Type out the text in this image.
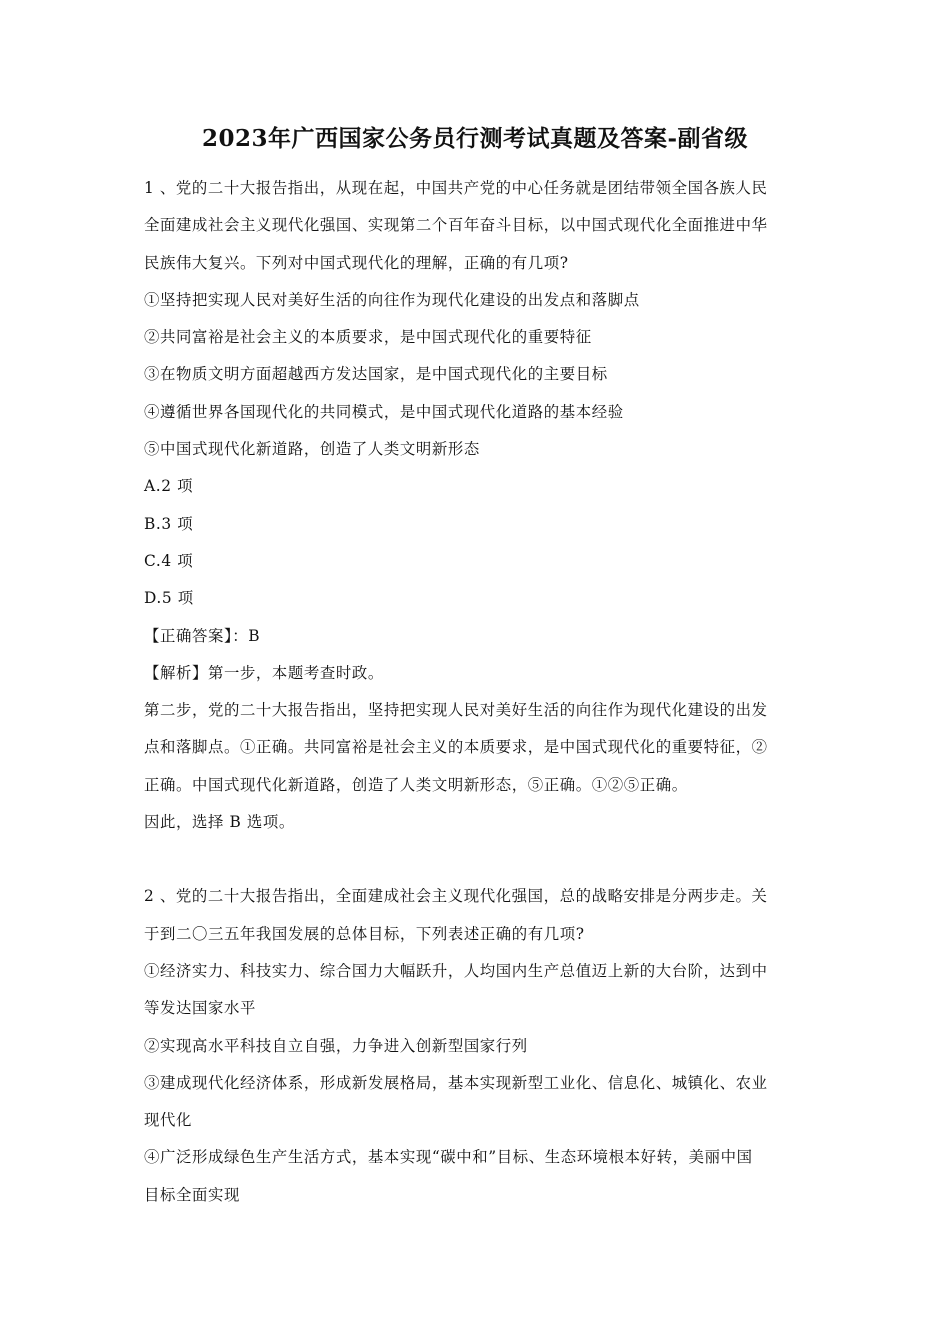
2023年广西国家公务员行测考试真题及答案-副省级
1 、党的二十大报告指出，从现在起，中国共产党的中心任务就是团结带领全国各族人民
全面建成社会主义现代化强国、实现第二个百年奋斗目标，以中国式现代化全面推进中华
民族伟大复兴。下列对中国式现代化的理解，正确的有几项?
①坚持把实现人民对美好生活的向往作为现代化建设的出发点和落脚点
②共同富裕是社会主义的本质要求，是中国式现代化的重要特征
③在物质文明方面超越西方发达国家，是中国式现代化的主要目标
④遵循世界各国现代化的共同模式，是中国式现代化道路的基本经验
⑤中国式现代化新道路，创造了人类文明新形态
A.2 项
B.3 项
C.4 项
D.5 项
【正确答案】：B
【解析】第一步，本题考查时政。
第二步，党的二十大报告指出，坚持把实现人民对美好生活的向往作为现代化建设的出发
点和落脚点。①正确。共同富裕是社会主义的本质要求，是中国式现代化的重要特征，②
正确。中国式现代化新道路，创造了人类文明新形态，⑤正确。①②⑤正确。
因此，选择 B 选项。
2 、党的二十大报告指出，全面建成社会主义现代化强国，总的战略安排是分两步走。关
于到二〇三五年我国发展的总体目标，下列表述正确的有几项?
①经济实力、科技实力、综合国力大幅跃升，人均国内生产总值迈上新的大台阶，达到中
等发达国家水平
②实现高水平科技自立自强，力争进入创新型国家行列
③建成现代化经济体系，形成新发展格局，基本实现新型工业化、信息化、城镇化、农业
现代化
④广泛形成绿色生产生活方式，基本实现“碳中和”目标、生态环境根本好转，美丽中国
目标全面实现
